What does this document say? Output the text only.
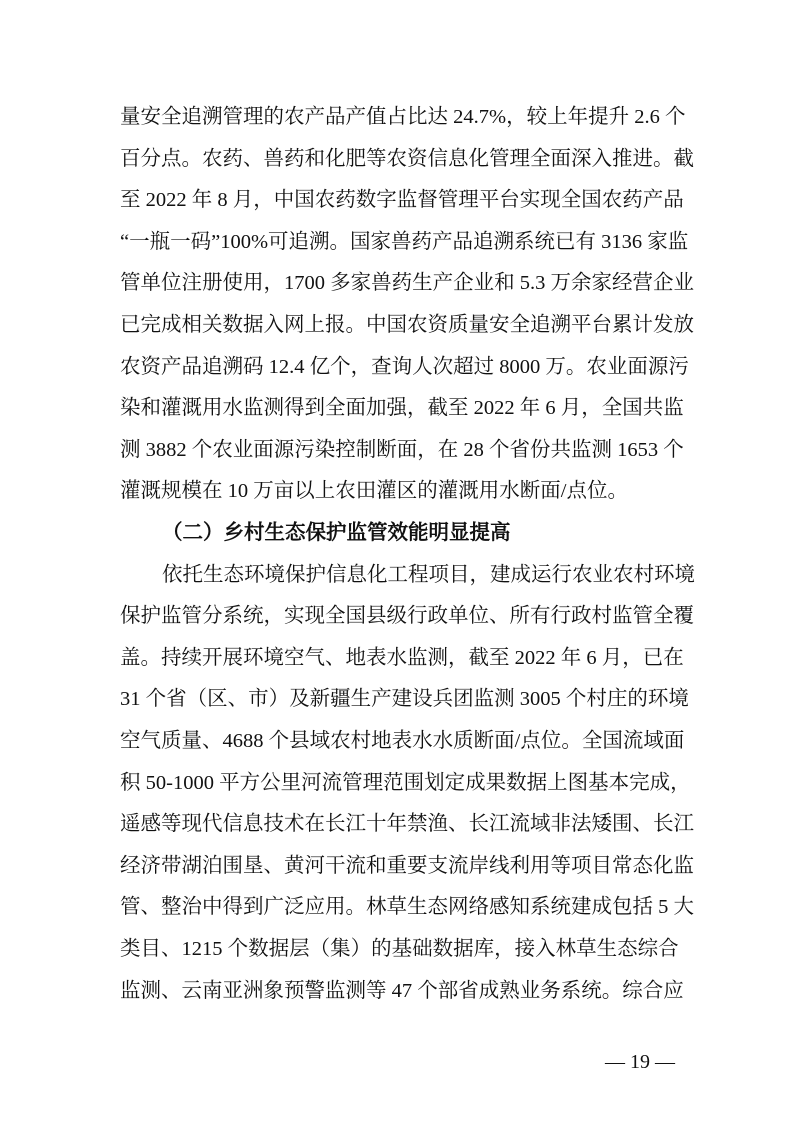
量安全追溯管理的农产品产值占比达 24.7%，较上年提升 2.6 个
百分点。农药、兽药和化肥等农资信息化管理全面深入推进。截
至 2022 年 8 月，中国农药数字监督管理平台实现全国农药产品
“一瓶一码”100%可追溯。国家兽药产品追溯系统已有 3136 家监
管单位注册使用，1700 多家兽药生产企业和 5.3 万余家经营企业
已完成相关数据入网上报。中国农资质量安全追溯平台累计发放
农资产品追溯码 12.4 亿个，查询人次超过 8000 万。农业面源污
染和灌溉用水监测得到全面加强，截至 2022 年 6 月，全国共监
测 3882 个农业面源污染控制断面，在 28 个省份共监测 1653 个
灌溉规模在 10 万亩以上农田灌区的灌溉用水断面/点位。
（二）乡村生态保护监管效能明显提高
依托生态环境保护信息化工程项目，建成运行农业农村环境
保护监管分系统，实现全国县级行政单位、所有行政村监管全覆
盖。持续开展环境空气、地表水监测，截至 2022 年 6 月，已在
31 个省（区、市）及新疆生产建设兵团监测 3005 个村庄的环境
空气质量、4688 个县域农村地表水水质断面/点位。全国流域面
积 50-1000 平方公里河流管理范围划定成果数据上图基本完成，
遥感等现代信息技术在长江十年禁渔、长江流域非法矮围、长江
经济带湖泊围垦、黄河干流和重要支流岸线利用等项目常态化监
管、整治中得到广泛应用。林草生态网络感知系统建成包括 5 大
类目、1215 个数据层（集）的基础数据库，接入林草生态综合
监测、云南亚洲象预警监测等 47 个部省成熟业务系统。综合应
— 19 —
